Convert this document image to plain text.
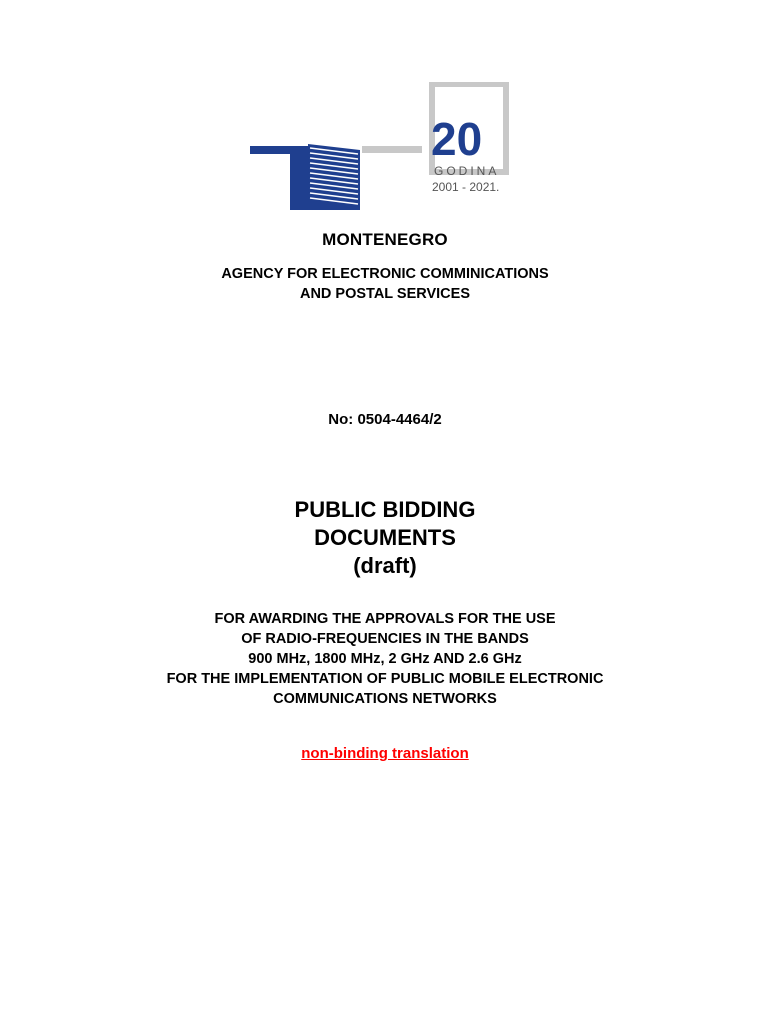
20
GODINA
2001 - 2021.
MONTENEGRO
AGENCY FOR ELECTRONIC COMMINICATIONS
AND POSTAL SERVICES
No: 0504-4464/2
PUBLIC BIDDING
DOCUMENTS
(draft)
FOR AWARDING THE APPROVALS FOR THE USE
OF RADIO-FREQUENCIES IN THE BANDS
900 MHz, 1800 MHz, 2 GHz AND 2.6 GHz
FOR THE IMPLEMENTATION OF PUBLIC MOBILE ELECTRONIC
COMMUNICATIONS NETWORKS
non-binding translation
